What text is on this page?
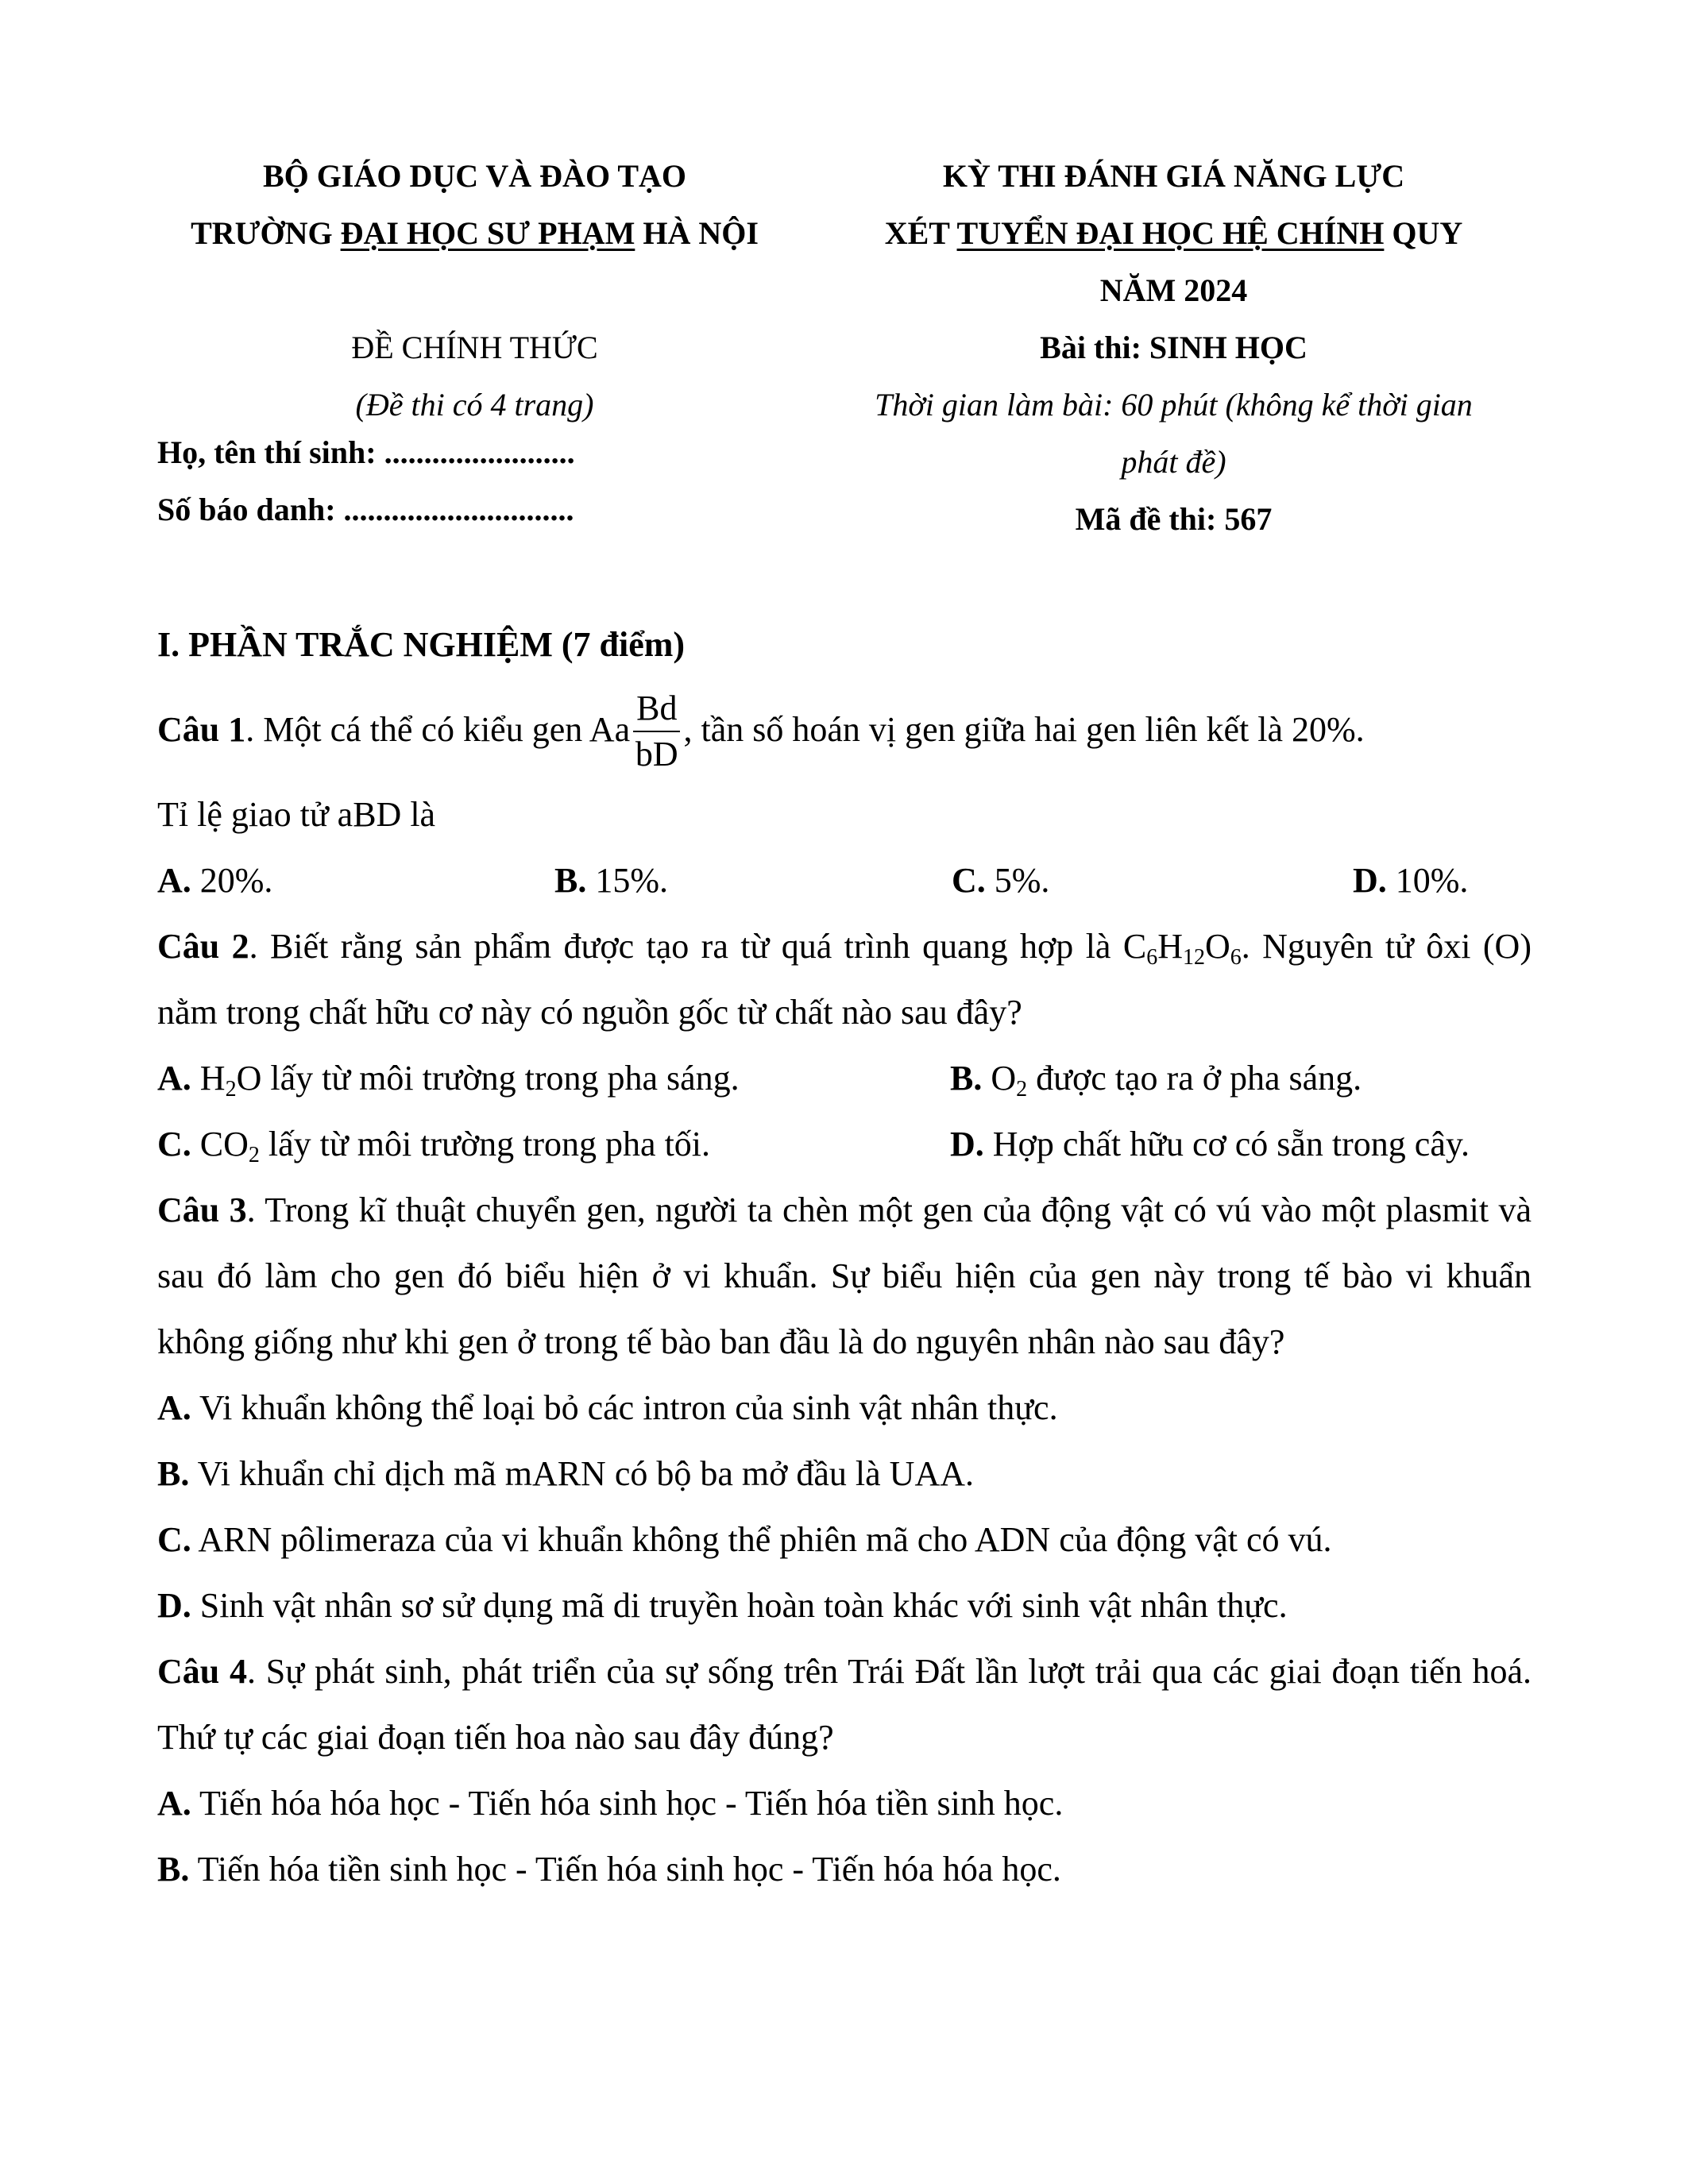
BỘ GIÁO DỤC VÀ ĐÀO TẠO
TRƯỜNG ĐẠI HỌC SƯ PHẠM HÀ NỘI
ĐỀ CHÍNH THỨC
(Đề thi có 4 trang)
KỲ THI ĐÁNH GIÁ NĂNG LỰC
XÉT TUYỂN ĐẠI HỌC HỆ CHÍNH QUY
NĂM 2024
Bài thi: SINH HỌC
Thời gian làm bài: 60 phút (không kể thời gian
phát đề)
Mã đề thi: 567
Họ, tên thí sinh: ........................
Số báo danh: .............................
I. PHẦN TRẮC NGHIỆM (7 điểm)
Câu 1. Một cá thể có kiểu gen Aa $\frac{Bd}{bD}$ , tần số hoán vị gen giữa hai gen liên kết là 20%.
Tỉ lệ giao tử aBD là
A. 20%.	B. 15%.	C. 5%.	D. 10%.
Câu 2. Biết rằng sản phẩm được tạo ra từ quá trình quang hợp là $C_6H_{12}O_6$. Nguyên tử ôxi (O) nằm trong chất hữu cơ này có nguồn gốc từ chất nào sau đây?
A. $H_2O$ lấy từ môi trường trong pha sáng.	B. $O_2$ được tạo ra ở pha sáng.
C. $CO_2$ lấy từ môi trường trong pha tối.	D. Hợp chất hữu cơ có sẵn trong cây.
Câu 3. Trong kĩ thuật chuyển gen, người ta chèn một gen của động vật có vú vào một plasmit và sau đó làm cho gen đó biểu hiện ở vi khuẩn. Sự biểu hiện của gen này trong tế bào vi khuẩn không giống như khi gen ở trong tế bào ban đầu là do nguyên nhân nào sau đây?
A. Vi khuẩn không thể loại bỏ các intron của sinh vật nhân thực.
B. Vi khuẩn chỉ dịch mã mARN có bộ ba mở đầu là UAA.
C. ARN pôlimeraza của vi khuẩn không thể phiên mã cho ADN của động vật có vú.
D. Sinh vật nhân sơ sử dụng mã di truyền hoàn toàn khác với sinh vật nhân thực.
Câu 4. Sự phát sinh, phát triển của sự sống trên Trái Đất lần lượt trải qua các giai đoạn tiến hoá. Thứ tự các giai đoạn tiến hoa nào sau đây đúng?
A. Tiến hóa hóa học - Tiến hóa sinh học - Tiến hóa tiền sinh học.
B. Tiến hóa tiền sinh học - Tiến hóa sinh học - Tiến hóa hóa học.
